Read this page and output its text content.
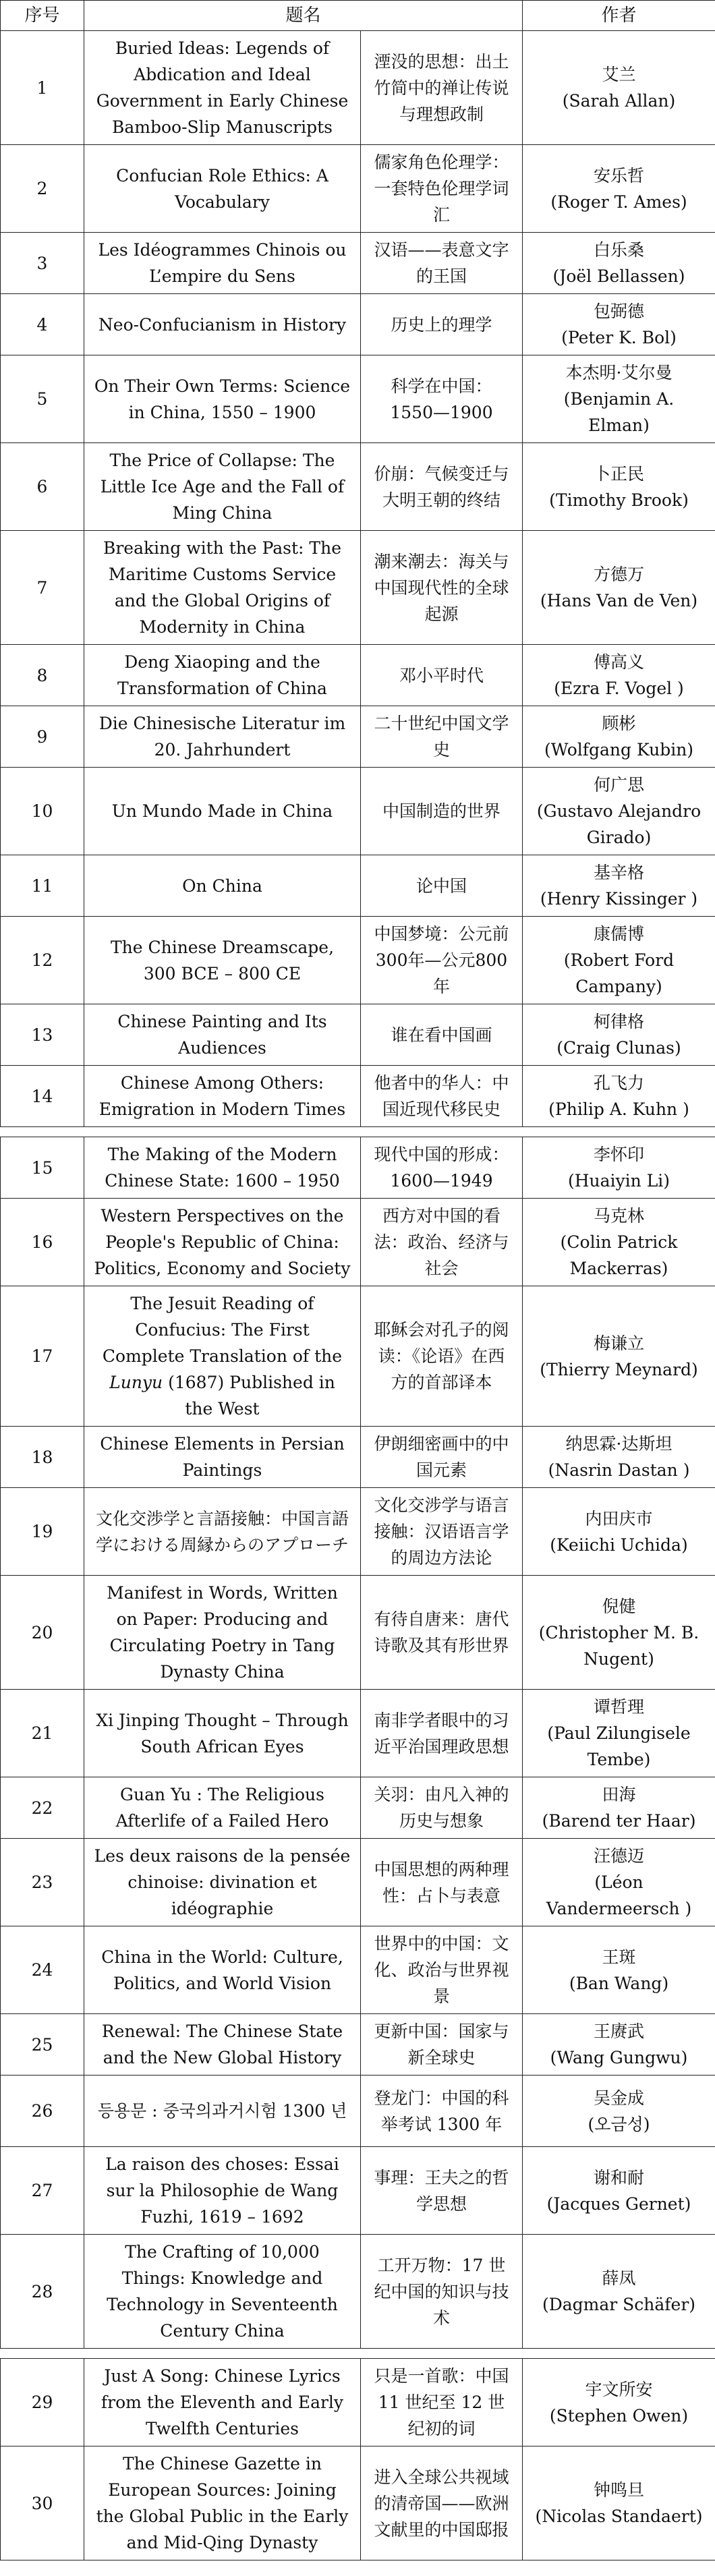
序号	题名		作者
1	Buried Ideas: Legends of Abdication and Ideal Government in Early Chinese Bamboo-Slip Manuscripts	湮没的思想：出土竹简中的禅让传说与理想政制	艾兰
(Sarah Allan)

2	Confucian Role Ethics: A Vocabulary	儒家角色伦理学：一套特色伦理学词汇	安乐哲
(Roger T. Ames)

3	Les Idéogrammes Chinois ou L’empire du Sens	汉语——表意文字的王国	白乐桑
(Joël Bellassen)

4	Neo-Confucianism in History	历史上的理学	包弼德
(Peter K. Bol)

5	On Their Own Terms: Science in China, 1550 – 1900	科学在中国：1550—1900	本杰明·艾尔曼
(Benjamin A. Elman)

6	The Price of Collapse: The Little Ice Age and the Fall of Ming China	价崩：气候变迁与大明王朝的终结	卜正民
(Timothy Brook)

7	Breaking with the Past: The Maritime Customs Service and the Global Origins of Modernity in China	潮来潮去：海关与中国现代性的全球起源	方德万
(Hans Van de Ven)

8	Deng Xiaoping and the Transformation of China	邓小平时代	傅高义
(Ezra F. Vogel )

9	Die Chinesische Literatur im 20. Jahrhundert	二十世纪中国文学史	顾彬
(Wolfgang Kubin)

10	Un Mundo Made in China	中国制造的世界	何广思
(Gustavo Alejandro Girado)

11	On China	论中国	基辛格
(Henry Kissinger )

12	The Chinese Dreamscape, 300 BCE – 800 CE	中国梦境：公元前300年—公元800年	康儒博
(Robert Ford Campany)

13	Chinese Painting and Its Audiences	谁在看中国画	柯律格
(Craig Clunas)

14	Chinese Among Others: Emigration in Modern Times	他者中的华人：中国近现代移民史	孔飞力
(Philip A. Kuhn )

15	The Making of the Modern Chinese State: 1600 – 1950	现代中国的形成：1600—1949	李怀印
(Huaiyin Li)

16	Western Perspectives on the People's Republic of China: Politics, Economy and Society	西方对中国的看法：政治、经济与社会	马克林
(Colin Patrick Mackerras)

17	The Jesuit Reading of Confucius: The First Complete Translation of the Lunyu (1687) Published in the West	耶稣会对孔子的阅读：《论语》在西方的首部译本	梅谦立
(Thierry Meynard)

18	Chinese Elements in Persian Paintings	伊朗细密画中的中国元素	纳思霖·达斯坦
(Nasrin Dastan )

19	文化交渉学と言語接触：中国言語学における周縁からのアプローチ	文化交涉学与语言接触：汉语语言学的周边方法论	内田庆市
(Keiichi Uchida)

20	Manifest in Words, Written on Paper: Producing and Circulating Poetry in Tang Dynasty China	有待自唐来：唐代诗歌及其有形世界	倪健
(Christopher M. B. Nugent)

21	Xi Jinping Thought – Through South African Eyes	南非学者眼中的习近平治国理政思想	谭哲理
(Paul Zilungisele Tembe)

22	Guan Yu : The Religious Afterlife of a Failed Hero	关羽：由凡入神的历史与想象	田海
(Barend ter Haar)

23	Les deux raisons de la pensée chinoise: divination et idéographie	中国思想的两种理性：占卜与表意	汪德迈
(Léon Vandermeersch )

24	China in the World: Culture, Politics, and World Vision	世界中的中国：文化、政治与世界视景	王斑
(Ban Wang)

25	Renewal: The Chinese State and the New Global History	更新中国：国家与新全球史	王赓武
(Wang Gungwu)

26	등용문 : 중국의과거시험 1300 년	登龙门：中国的科举考试 1300 年	吴金成
(오금성)

27	La raison des choses: Essai sur la Philosophie de Wang Fuzhi, 1619 – 1692	事理：王夫之的哲学思想	谢和耐
(Jacques Gernet)

28	The Crafting of 10,000 Things: Knowledge and Technology in Seventeenth Century China	工开万物：17 世纪中国的知识与技术	薛凤
(Dagmar Schäfer)

29	Just A Song: Chinese Lyrics from the Eleventh and Early Twelfth Centuries	只是一首歌：中国11 世纪至 12 世纪初的词	宇文所安
(Stephen Owen)

30	The Chinese Gazette in European Sources: Joining the Global Public in the Early and Mid-Qing Dynasty	进入全球公共视域的清帝国——欧洲文献里的中国邸报	钟鸣旦
(Nicolas Standaert)
